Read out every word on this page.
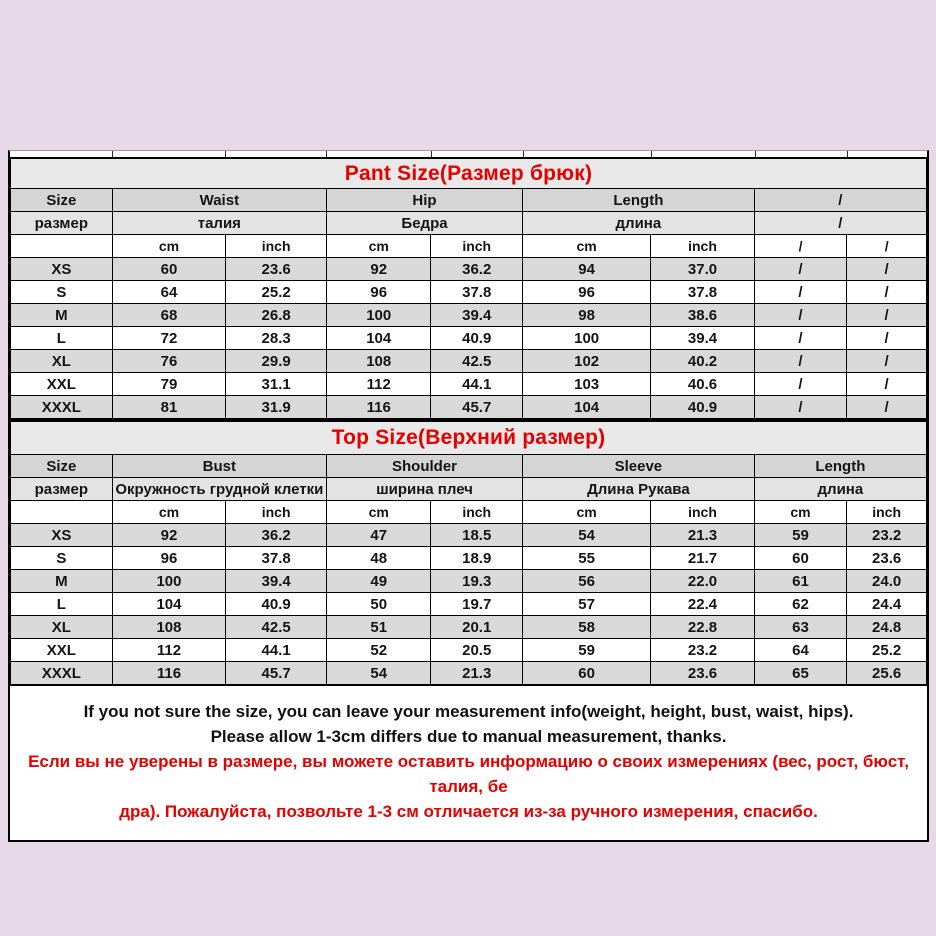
Pant Size(Размер брюк)								
Size	Waist		Hip		Length		/	
размер	талия		Бедра		длина		/	
	cm	inch	cm	inch	cm	inch	/	/
XS	60	23.6	92	36.2	94	37.0	/	/
S	64	25.2	96	37.8	96	37.8	/	/
M	68	26.8	100	39.4	98	38.6	/	/
L	72	28.3	104	40.9	100	39.4	/	/
XL	76	29.9	108	42.5	102	40.2	/	/
XXL	79	31.1	112	44.1	103	40.6	/	/
XXXL	81	31.9	116	45.7	104	40.9	/	/
Top Size(Верхний размер)								
Size	Bust		Shoulder		Sleeve		Length	
размер	Окружность грудной клетки		ширина плеч		Длина Рукава		длина	
	cm	inch	cm	inch	cm	inch	cm	inch
XS	92	36.2	47	18.5	54	21.3	59	23.2
S	96	37.8	48	18.9	55	21.7	60	23.6
M	100	39.4	49	19.3	56	22.0	61	24.0
L	104	40.9	50	19.7	57	22.4	62	24.4
XL	108	42.5	51	20.1	58	22.8	63	24.8
XXL	112	44.1	52	20.5	59	23.2	64	25.2
XXXL	116	45.7	54	21.3	60	23.6	65	25.6
If you not sure the size, you can leave your measurement info(weight, height, bust, waist, hips).
Please allow 1-3cm differs due to manual measurement, thanks.
Если вы не уверены в размере, вы можете оставить информацию о своих измерениях (вес, рост, бюст, талия, бе
дра). Пожалуйста, позвольте 1-3 см отличается из-за ручного измерения, спасибо.
